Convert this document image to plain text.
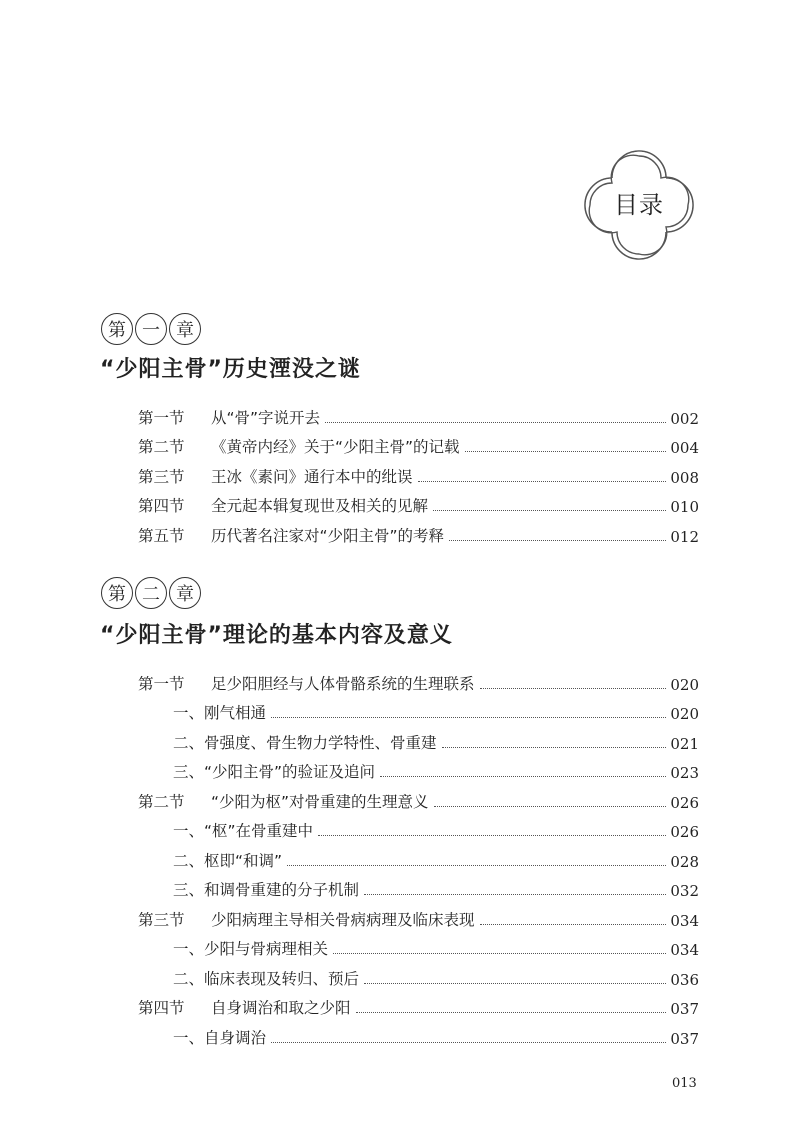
目录
第 一 章
“少阳主骨”历史湮没之谜
第一节	从“骨”字说开去	002
第二节	《黄帝内经》关于“少阳主骨”的记载	004
第三节	王冰《素问》通行本中的纰误	008
第四节	全元起本辑复现世及相关的见解	010
第五节	历代著名注家对“少阳主骨”的考释	012
第 二 章
“少阳主骨”理论的基本内容及意义
第一节	足少阳胆经与人体骨骼系统的生理联系	020
一、刚气相通	020
二、骨强度、骨生物力学特性、骨重建	021
三、“少阳主骨”的验证及追问	023
第二节	“少阳为枢”对骨重建的生理意义	026
一、“枢”在骨重建中	026
二、枢即“和调”	028
三、和调骨重建的分子机制	032
第三节	少阳病理主导相关骨病病理及临床表现	034
一、少阳与骨病理相关	034
二、临床表现及转归、预后	036
第四节	自身调治和取之少阳	037
一、自身调治	037
013
